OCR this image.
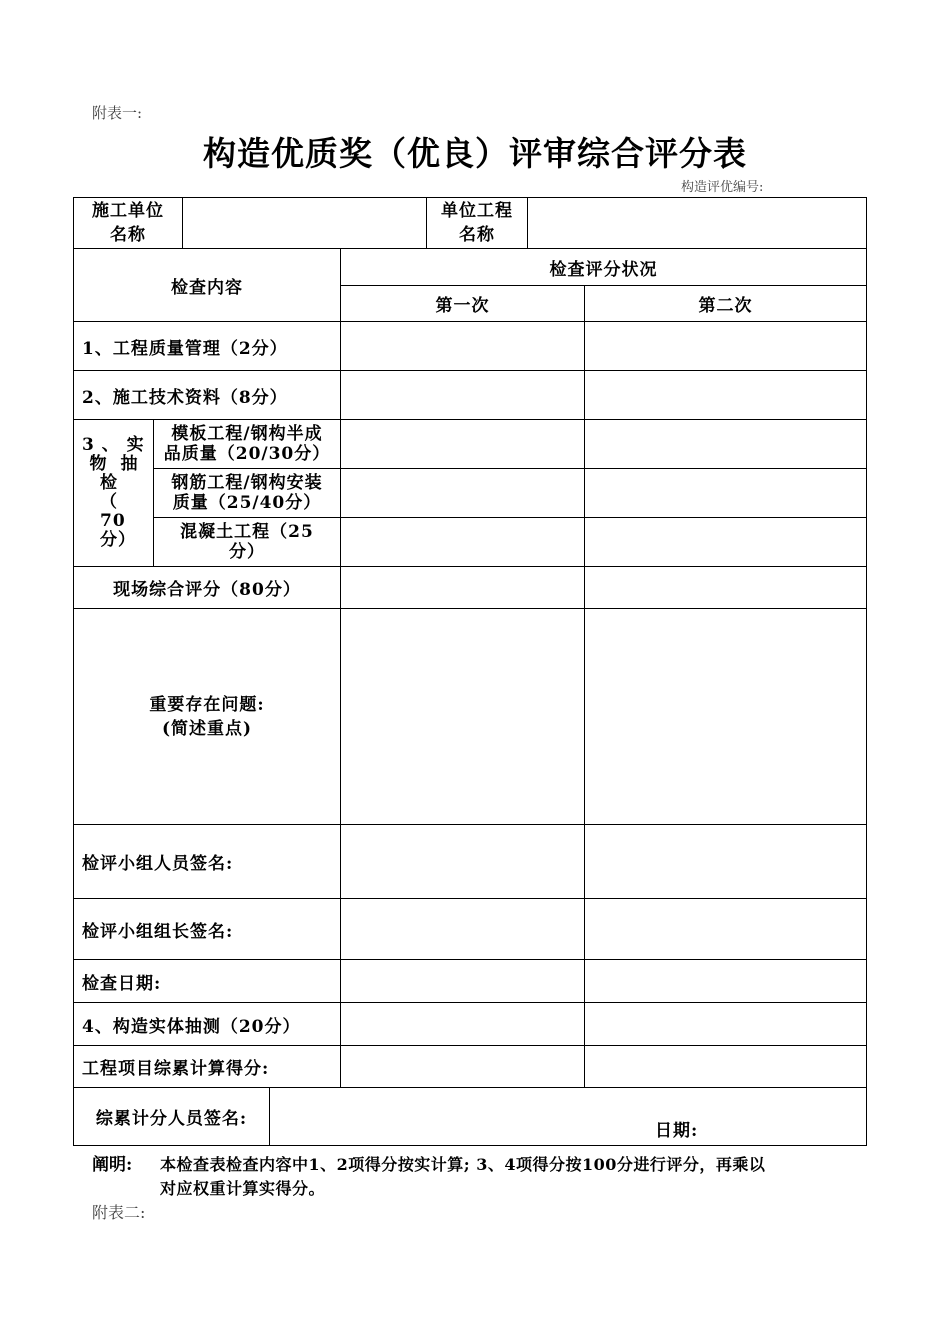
附表一:
构造优质奖（优良）评审综合评分表
构造评优编号:
施工单位
名称
单位工程
名称
检查内容
检查评分状况
第一次	第二次
1、工程质量管理（2分）
2、施工技术资料（8分）
3 、 实
物 抽
检
（ 70
分）
模板工程/钢构半成
品质量（20/30分）
钢筋工程/钢构安装
质量（25/40分）
混凝土工程（25
分）
现场综合评分（80分）
重要存在问题:
(简述重点)
检评小组人员签名:
检评小组组长签名:
检查日期:
4、构造实体抽测（20分）
工程项目综累计算得分:
综累计分人员签名:
日期:
阐明: 本检查表检查内容中1、2项得分按实计算; 3、4项得分按100分进行评分，再乘以
对应权重计算实得分。
附表二:
